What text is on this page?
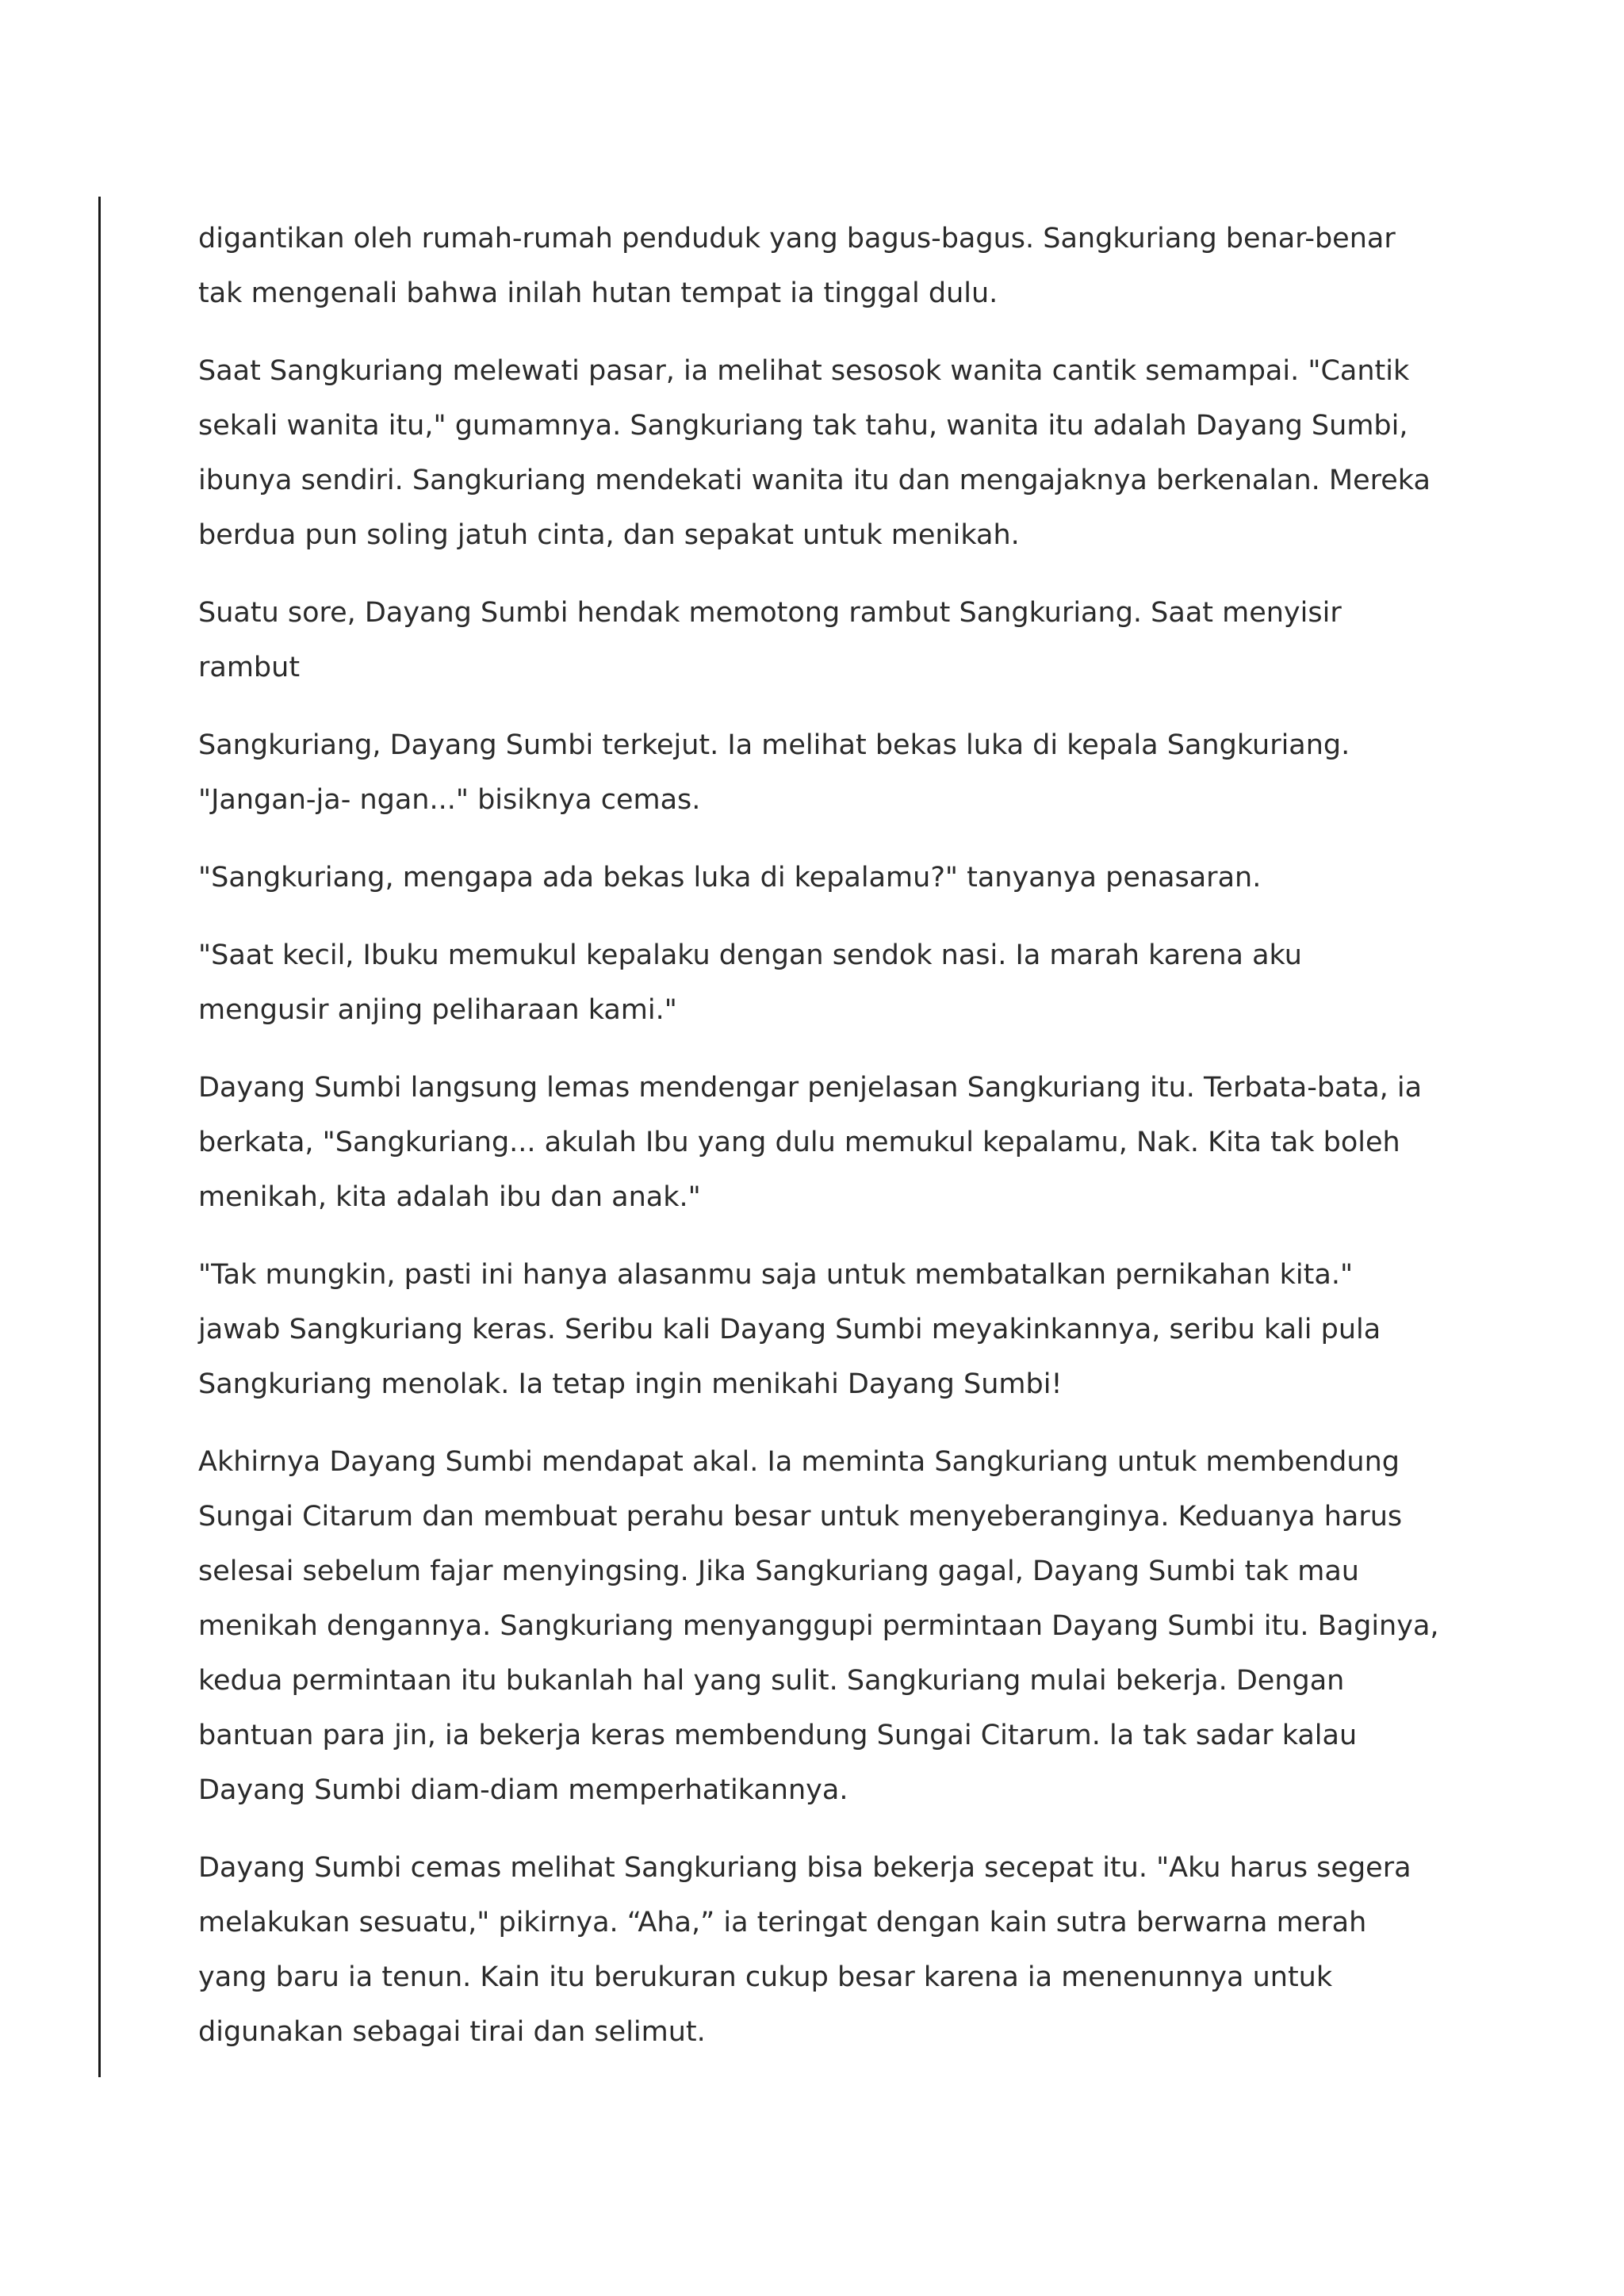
digantikan oleh rumah-rumah penduduk yang bagus-bagus. Sangkuriang benar-benar
tak mengenali bahwa inilah hutan tempat ia tinggal dulu.
Saat Sangkuriang melewati pasar, ia melihat sesosok wanita cantik semampai. "Cantik
sekali wanita itu," gumamnya. Sangkuriang tak tahu, wanita itu adalah Dayang Sumbi,
ibunya sendiri. Sangkuriang mendekati wanita itu dan mengajaknya berkenalan. Mereka
berdua pun soling jatuh cinta, dan sepakat untuk menikah.
Suatu sore, Dayang Sumbi hendak memotong rambut Sangkuriang. Saat menyisir
rambut
Sangkuriang, Dayang Sumbi terkejut. Ia melihat bekas luka di kepala Sangkuriang.
"Jangan-ja- ngan..." bisiknya cemas.
"Sangkuriang, mengapa ada bekas luka di kepalamu?" tanyanya penasaran.
"Saat kecil, Ibuku memukul kepalaku dengan sendok nasi. Ia marah karena aku
mengusir anjing peliharaan kami."
Dayang Sumbi langsung lemas mendengar penjelasan Sangkuriang itu. Terbata-bata, ia
berkata, "Sangkuriang... akulah Ibu yang dulu memukul kepalamu, Nak. Kita tak boleh
menikah, kita adalah ibu dan anak."
"Tak mungkin, pasti ini hanya alasanmu saja untuk membatalkan pernikahan kita."
jawab Sangkuriang keras. Seribu kali Dayang Sumbi meyakinkannya, seribu kali pula
Sangkuriang menolak. Ia tetap ingin menikahi Dayang Sumbi!
Akhirnya Dayang Sumbi mendapat akal. Ia meminta Sangkuriang untuk membendung
Sungai Citarum dan membuat perahu besar untuk menyeberanginya. Keduanya harus
selesai sebelum fajar menyingsing. Jika Sangkuriang gagal, Dayang Sumbi tak mau
menikah dengannya. Sangkuriang menyanggupi permintaan Dayang Sumbi itu. Baginya,
kedua permintaan itu bukanlah hal yang sulit. Sangkuriang mulai bekerja. Dengan
bantuan para jin, ia bekerja keras membendung Sungai Citarum. la tak sadar kalau
Dayang Sumbi diam-diam memperhatikannya.
Dayang Sumbi cemas melihat Sangkuriang bisa bekerja secepat itu. "Aku harus segera
melakukan sesuatu," pikirnya. “Aha,” ia teringat dengan kain sutra berwarna merah
yang baru ia tenun. Kain itu berukuran cukup besar karena ia menenunnya untuk
digunakan sebagai tirai dan selimut.
